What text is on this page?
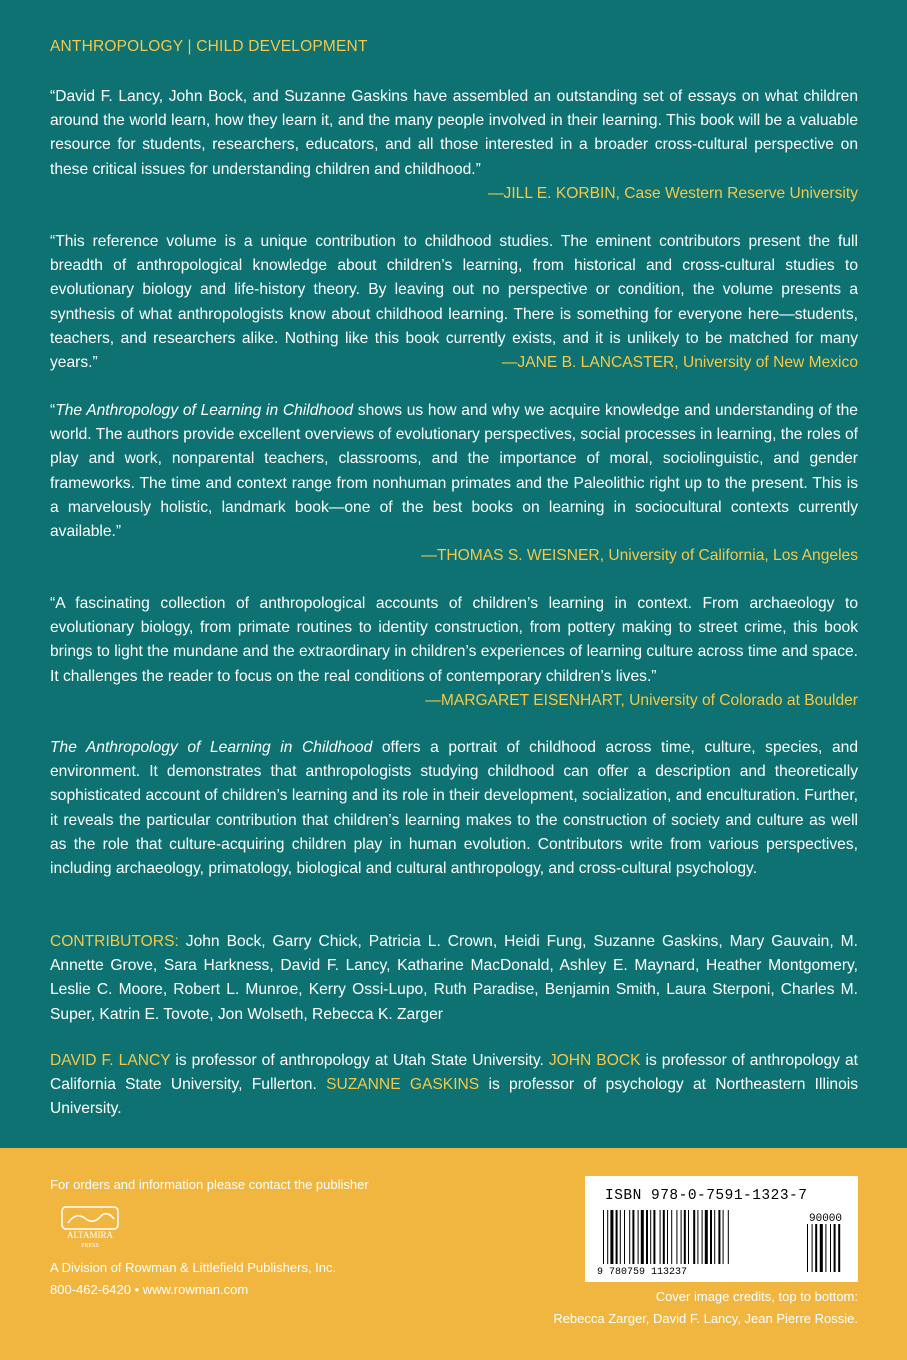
ANTHROPOLOGY | CHILD DEVELOPMENT
“David F. Lancy, John Bock, and Suzanne Gaskins have assembled an outstanding set of essays on what children around the world learn, how they learn it, and the many people involved in their learning. This book will be a valuable resource for students, researchers, educators, and all those interested in a broader cross-cultural perspective on these critical issues for understanding children and childhood.”
—JILL E. KORBIN, Case Western Reserve University
“This reference volume is a unique contribution to childhood studies. The eminent contributors present the full breadth of anthropological knowledge about children’s learning, from historical and cross-cultural studies to evolutionary biology and life-history theory. By leaving out no perspective or condition, the volume presents a synthesis of what anthropologists know about childhood learning. There is something for everyone here—students, teachers, and researchers alike. Nothing like this book currently exists, and it is unlikely to be matched for many years.”	—JANE B. LANCASTER, University of New Mexico
“The Anthropology of Learning in Childhood shows us how and why we acquire knowledge and understanding of the world. The authors provide excellent overviews of evolutionary perspectives, social processes in learning, the roles of play and work, nonparental teachers, classrooms, and the importance of moral, sociolinguistic, and gender frameworks. The time and context range from nonhuman primates and the Paleolithic right up to the present. This is a marvelously holistic, landmark book—one of the best books on learning in sociocultural contexts currently available.”
—THOMAS S. WEISNER, University of California, Los Angeles
“A fascinating collection of anthropological accounts of children’s learning in context. From archaeology to evolutionary biology, from primate routines to identity construction, from pottery making to street crime, this book brings to light the mundane and the extraordinary in children’s experiences of learning culture across time and space. It challenges the reader to focus on the real conditions of contemporary children’s lives.”
—MARGARET EISENHART, University of Colorado at Boulder
The Anthropology of Learning in Childhood offers a portrait of childhood across time, culture, species, and environment. It demonstrates that anthropologists studying childhood can offer a description and theoretically sophisticated account of children’s learning and its role in their development, socialization, and enculturation. Further, it reveals the particular contribution that children’s learning makes to the construction of society and culture as well as the role that culture-acquiring children play in human evolution. Contributors write from various perspectives, including archaeology, primatology, biological and cultural anthropology, and cross-cultural psychology.
CONTRIBUTORS: John Bock, Garry Chick, Patricia L. Crown, Heidi Fung, Suzanne Gaskins, Mary Gauvain, M. Annette Grove, Sara Harkness, David F. Lancy, Katharine MacDonald, Ashley E. Maynard, Heather Montgomery, Leslie C. Moore, Robert L. Munroe, Kerry Ossi-Lupo, Ruth Paradise, Benjamin Smith, Laura Sterponi, Charles M. Super, Katrin E. Tovote, Jon Wolseth, Rebecca K. Zarger
DAVID F. LANCY is professor of anthropology at Utah State University. JOHN BOCK is professor of anthropology at California State University, Fullerton. SUZANNE GASKINS is professor of psychology at Northeastern Illinois University.
For orders and information please contact the publisher
ALTAMIRA
PRESS
A Division of Rowman & Littlefield Publishers, Inc.
800-462-6420 • www.rowman.com	Cover image credits, top to bottom:
Rebecca Zarger, David F. Lancy, Jean Pierre Rossie.
ISBN 978-0-7591-1323-7
9 780759 113237
90000
